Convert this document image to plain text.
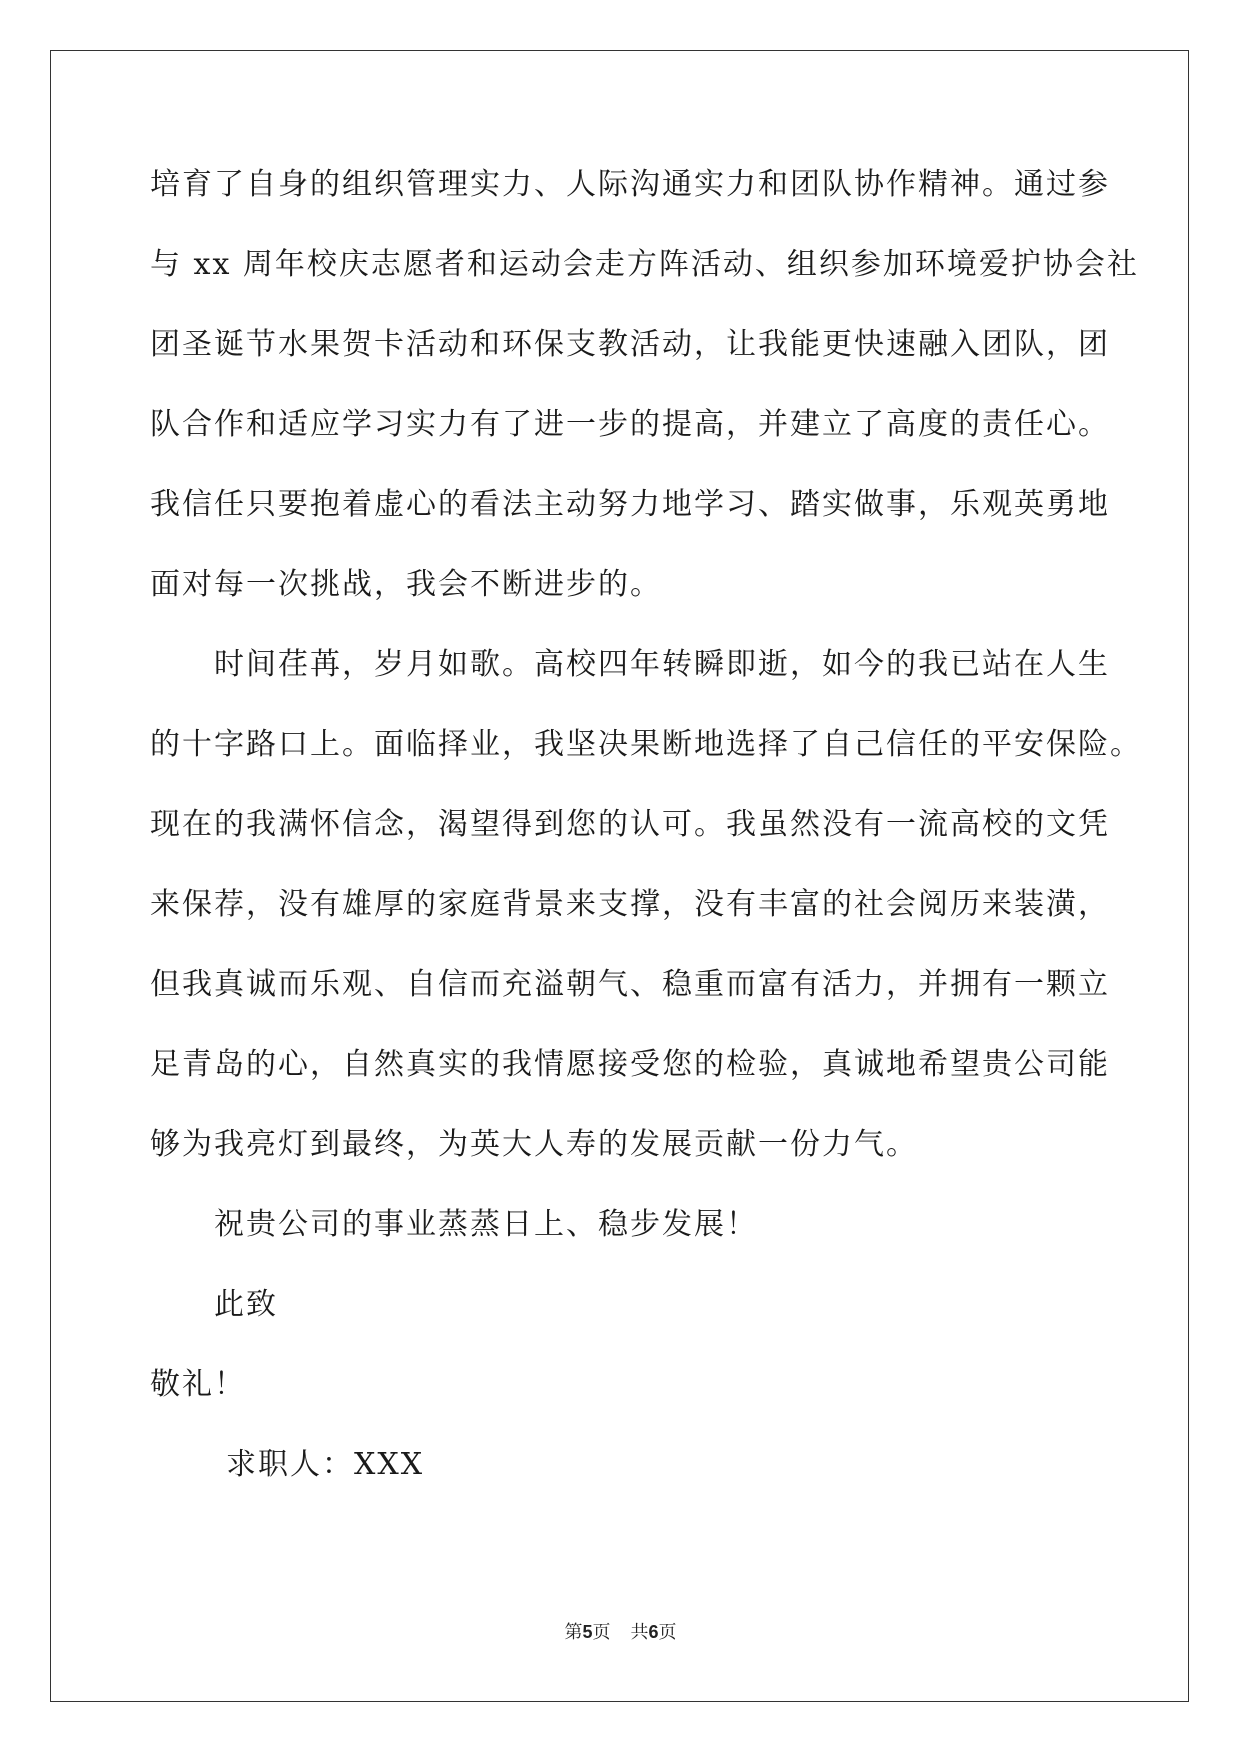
培育了自身的组织管理实力、人际沟通实力和团队协作精神。通过参
与 xx 周年校庆志愿者和运动会走方阵活动、组织参加环境爱护协会社
团圣诞节水果贺卡活动和环保支教活动，让我能更快速融入团队，团
队合作和适应学习实力有了进一步的提高，并建立了高度的责任心。
我信任只要抱着虚心的看法主动努力地学习、踏实做事，乐观英勇地
面对每一次挑战，我会不断进步的。
时间荏苒，岁月如歌。高校四年转瞬即逝，如今的我已站在人生
的十字路口上。面临择业，我坚决果断地选择了自己信任的平安保险。
现在的我满怀信念，渴望得到您的认可。我虽然没有一流高校的文凭
来保荐，没有雄厚的家庭背景来支撑，没有丰富的社会阅历来装潢，
但我真诚而乐观、自信而充溢朝气、稳重而富有活力，并拥有一颗立
足青岛的心，自然真实的我情愿接受您的检验，真诚地希望贵公司能
够为我亮灯到最终，为英大人寿的发展贡献一份力气。
祝贵公司的事业蒸蒸日上、稳步发展！
此致
敬礼！
求职人：XXX
第5页 共6页
